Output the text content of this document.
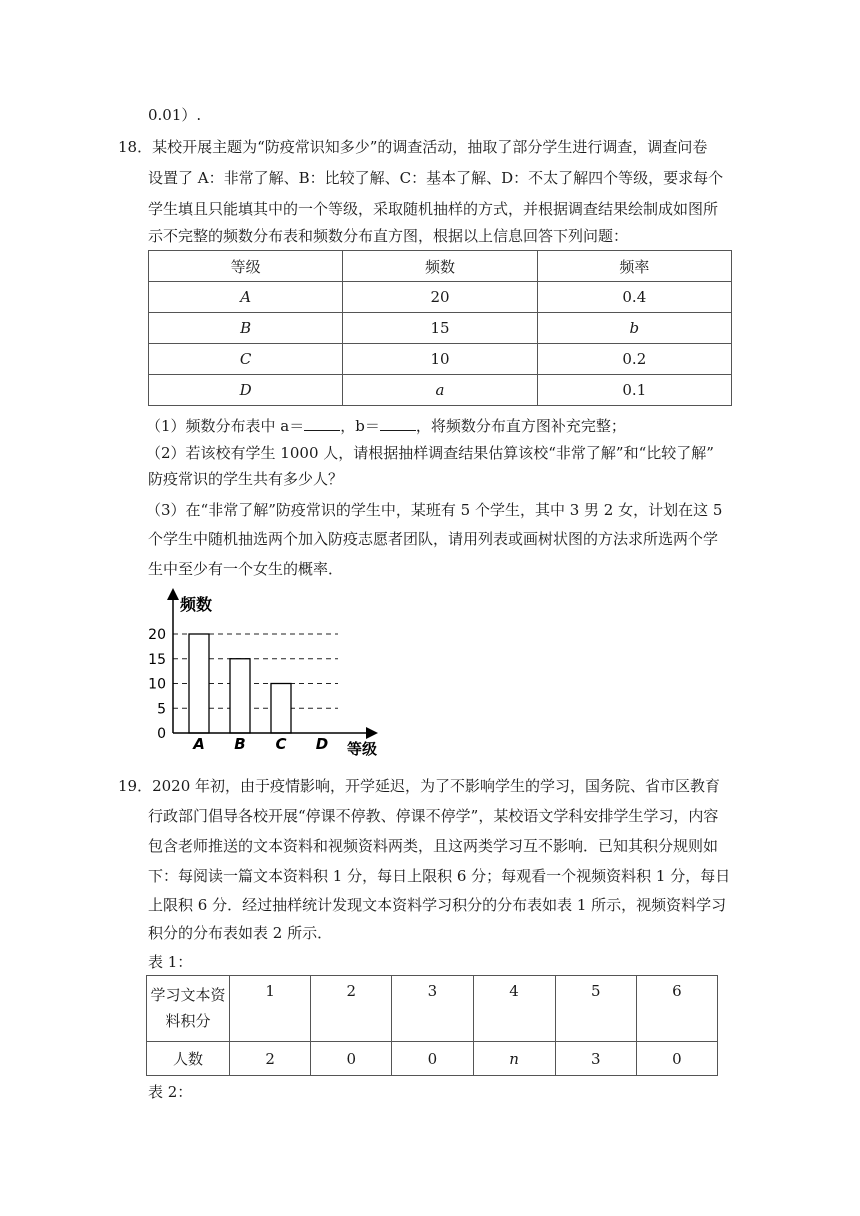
0.01）.
18．某校开展主题为“防疫常识知多少”的调查活动，抽取了部分学生进行调查，调查问卷
设置了 A：非常了解、B：比较了解、C：基本了解、D：不太了解四个等级，要求每个
学生填且只能填其中的一个等级，采取随机抽样的方式，并根据调查结果绘制成如图所
示不完整的频数分布表和频数分布直方图，根据以上信息回答下列问题：
等级	频数	频率
A	20	0.4
B	15	b
C	10	0.2
D	a	0.1
（1）频数分布表中 a＝ ，b＝ ，将频数分布直方图补充完整；
（2）若该校有学生 1000 人，请根据抽样调查结果估算该校“非常了解”和“比较了解”
防疫常识的学生共有多少人？
（3）在“非常了解”防疫常识的学生中，某班有 5 个学生，其中 3 男 2 女，计划在这 5
个学生中随机抽选两个加入防疫志愿者团队，请用列表或画树状图的方法求所选两个学
生中至少有一个女生的概率．
0
5
10
15
20
A B C D
频数
等级
19．2020 年初，由于疫情影响，开学延迟，为了不影响学生的学习，国务院、省市区教育
行政部门倡导各校开展“停课不停教、停课不停学”，某校语文学科安排学生学习，内容
包含老师推送的文本资料和视频资料两类，且这两类学习互不影响．已知其积分规则如
下：每阅读一篇文本资料积 1 分，每日上限积 6 分；每观看一个视频资料积 1 分，每日
上限积 6 分．经过抽样统计发现文本资料学习积分的分布表如表 1 所示，视频资料学习
积分的分布表如表 2 所示．
表 1：
学习文本资
料积分	1	2	3	4	5	6
人数	2	0	0	n	3	0
表 2：
